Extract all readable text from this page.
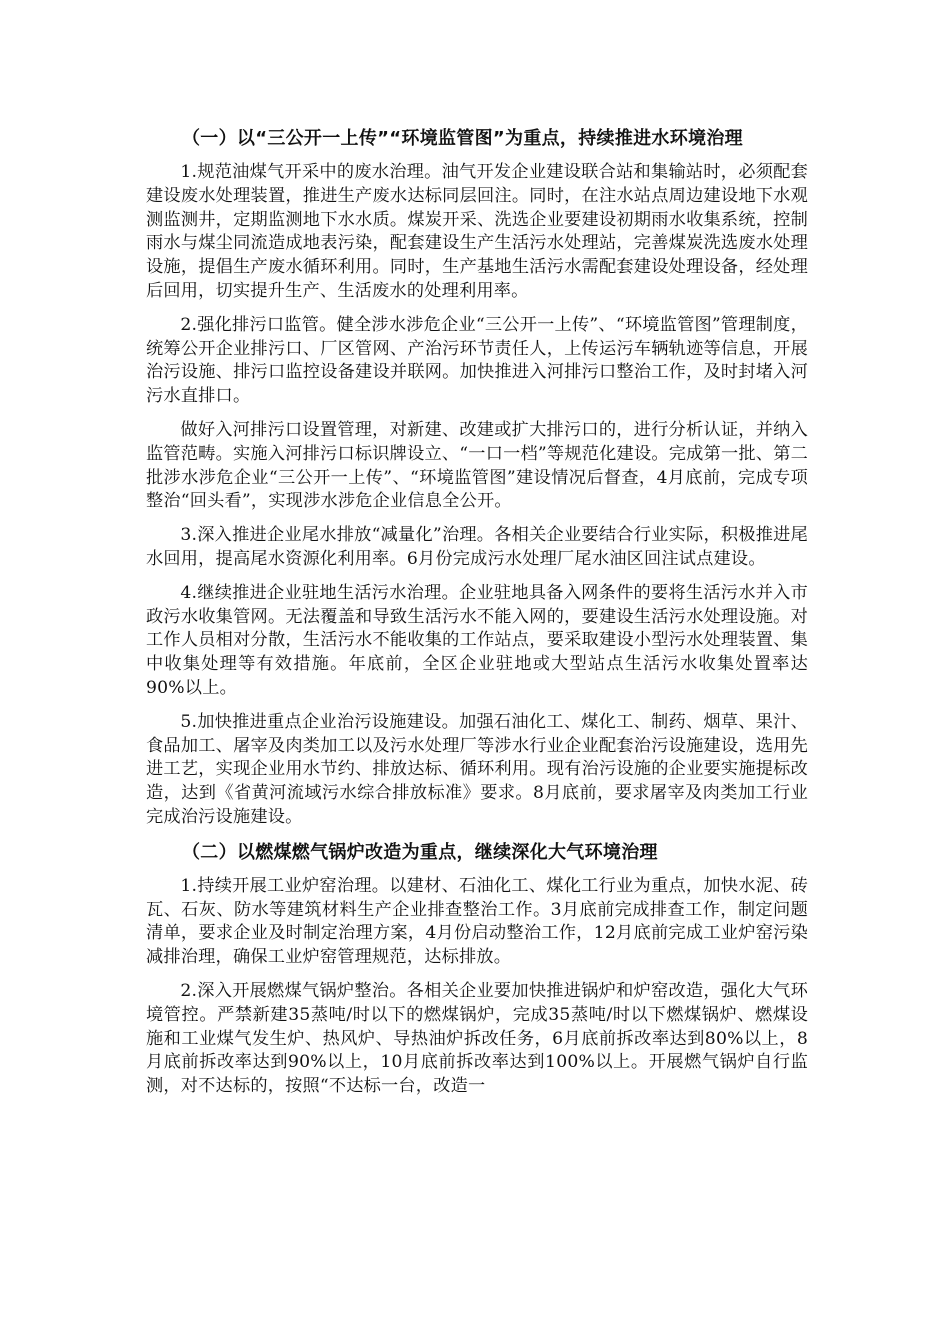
（一）以“三公开一上传”“环境监管图”为重点，持续推进水环境治理

1.规范油煤气开采中的废水治理。油气开发企业建设联合站和集输站时，必须配套建设废水处理装置，推进生产废水达标同层回注。同时，在注水站点周边建设地下水观测监测井，定期监测地下水水质。煤炭开采、洗选企业要建设初期雨水收集系统，控制雨水与煤尘同流造成地表污染，配套建设生产生活污水处理站，完善煤炭洗选废水处理设施，提倡生产废水循环利用。同时，生产基地生活污水需配套建设处理设备，经处理后回用，切实提升生产、生活废水的处理利用率。

2.强化排污口监管。健全涉水涉危企业“三公开一上传”、“环境监管图”管理制度，统筹公开企业排污口、厂区管网、产治污环节责任人，上传运污车辆轨迹等信息，开展治污设施、排污口监控设备建设并联网。加快推进入河排污口整治工作，及时封堵入河污水直排口。

做好入河排污口设置管理，对新建、改建或扩大排污口的，进行分析认证，并纳入监管范畴。实施入河排污口标识牌设立、“一口一档”等规范化建设。完成第一批、第二批涉水涉危企业“三公开一上传”、“环境监管图”建设情况后督查，4月底前，完成专项整治“回头看”，实现涉水涉危企业信息全公开。

3.深入推进企业尾水排放“减量化”治理。各相关企业要结合行业实际，积极推进尾水回用，提高尾水资源化利用率。6月份完成污水处理厂尾水油区回注试点建设。

4.继续推进企业驻地生活污水治理。企业驻地具备入网条件的要将生活污水并入市政污水收集管网。无法覆盖和导致生活污水不能入网的，要建设生活污水处理设施。对工作人员相对分散，生活污水不能收集的工作站点，要采取建设小型污水处理装置、集中收集处理等有效措施。年底前，全区企业驻地或大型站点生活污水收集处置率达90%以上。

5.加快推进重点企业治污设施建设。加强石油化工、煤化工、制药、烟草、果汁、食品加工、屠宰及肉类加工以及污水处理厂等涉水行业企业配套治污设施建设，选用先进工艺，实现企业用水节约、排放达标、循环利用。现有治污设施的企业要实施提标改造，达到《省黄河流域污水综合排放标准》要求。8月底前，要求屠宰及肉类加工行业完成治污设施建设。

（二）以燃煤燃气锅炉改造为重点，继续深化大气环境治理

1.持续开展工业炉窑治理。以建材、石油化工、煤化工行业为重点，加快水泥、砖瓦、石灰、防水等建筑材料生产企业排查整治工作。3月底前完成排查工作，制定问题清单，要求企业及时制定治理方案，4月份启动整治工作，12月底前完成工业炉窑污染减排治理，确保工业炉窑管理规范，达标排放。

2.深入开展燃煤气锅炉整治。各相关企业要加快推进锅炉和炉窑改造，强化大气环境管控。严禁新建35蒸吨/时以下的燃煤锅炉，完成35蒸吨/时以下燃煤锅炉、燃煤设施和工业煤气发生炉、热风炉、导热油炉拆改任务，6月底前拆改率达到80%以上，8月底前拆改率达到90%以上，10月底前拆改率达到100%以上。开展燃气锅炉自行监测，对不达标的，按照“不达标一台，改造一
